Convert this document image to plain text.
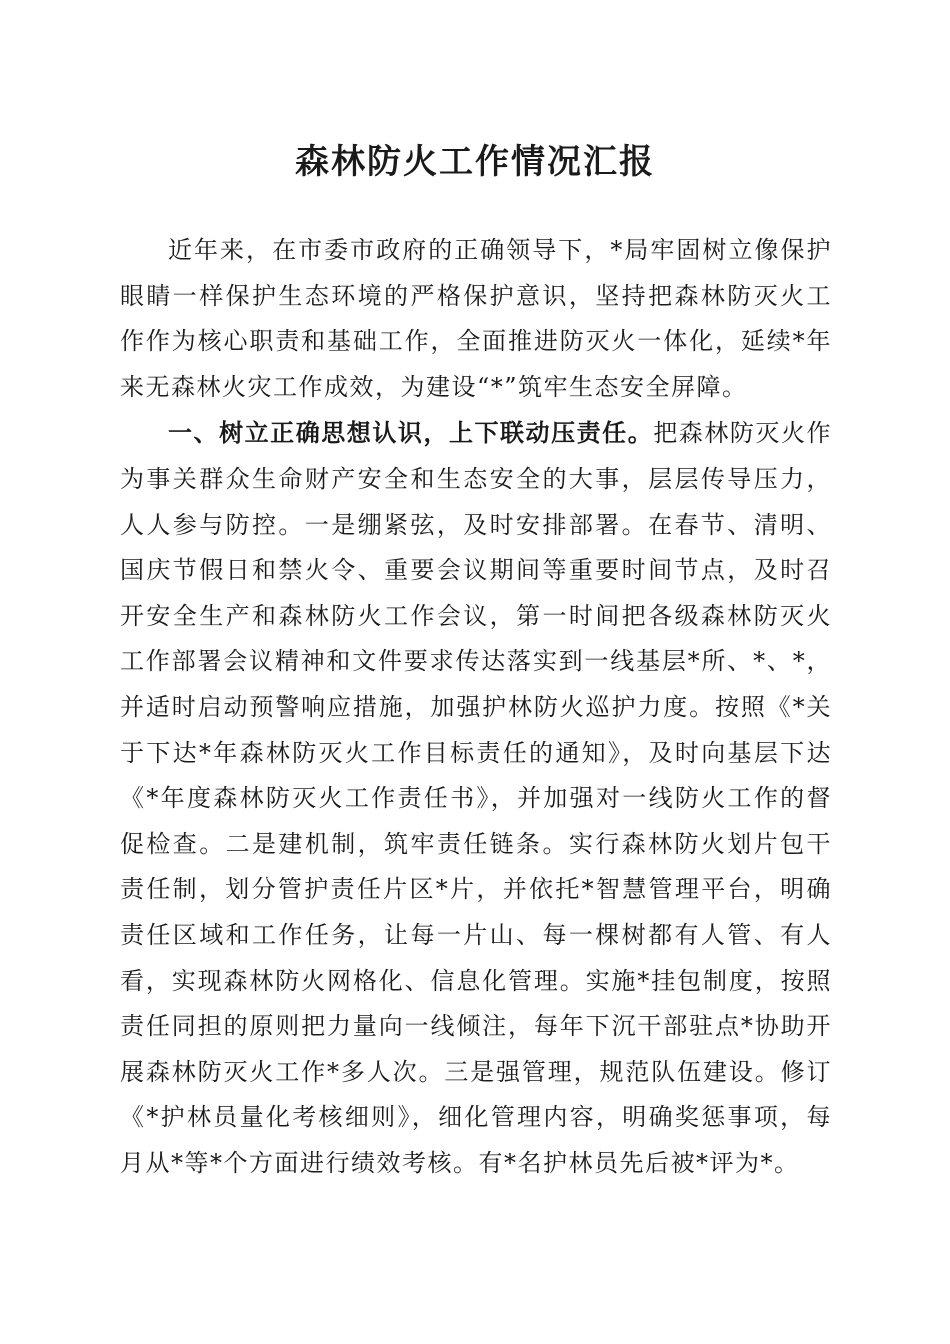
森林防火工作情况汇报

近年来，在市委市政府的正确领导下，*局牢固树立像保护眼睛一样保护生态环境的严格保护意识，坚持把森林防灭火工作作为核心职责和基础工作，全面推进防灭火一体化，延续*年来无森林火灾工作成效，为建设“*”筑牢生态安全屏障。

一、树立正确思想认识，上下联动压责任。把森林防灭火作为事关群众生命财产安全和生态安全的大事，层层传导压力，人人参与防控。一是绷紧弦，及时安排部署。在春节、清明、国庆节假日和禁火令、重要会议期间等重要时间节点，及时召开安全生产和森林防火工作会议，第一时间把各级森林防灭火工作部署会议精神和文件要求传达落实到一线基层*所、*、*，并适时启动预警响应措施，加强护林防火巡护力度。按照《*关于下达*年森林防灭火工作目标责任的通知》，及时向基层下达《*年度森林防灭火工作责任书》，并加强对一线防火工作的督促检查。二是建机制，筑牢责任链条。实行森林防火划片包干责任制，划分管护责任片区*片，并依托*智慧管理平台，明确责任区域和工作任务，让每一片山、每一棵树都有人管、有人看，实现森林防火网格化、信息化管理。实施*挂包制度，按照责任同担的原则把力量向一线倾注，每年下沉干部驻点*协助开展森林防灭火工作*多人次。三是强管理，规范队伍建设。修订《*护林员量化考核细则》，细化管理内容，明确奖惩事项，每月从*等*个方面进行绩效考核。有*名护林员先后被*评为*。
